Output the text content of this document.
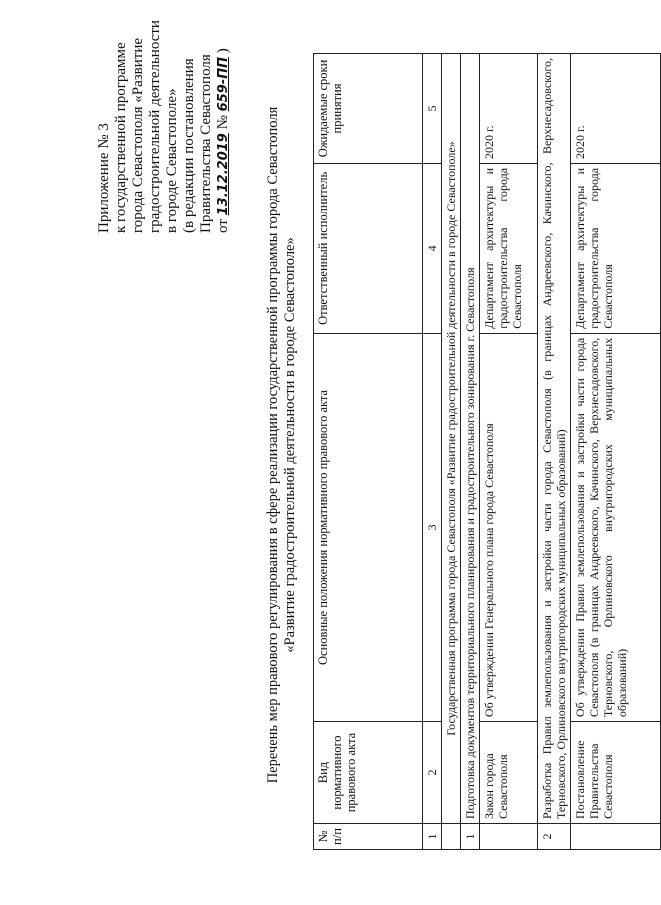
Приложение № 3 к государственной программе города Севастополя «Развитие градостроительной деятельности в городе Севастополе» (в редакции постановления Правительства Севастополя от 13.12.2019 № 659-ПП )
Перечень мер правового регулирования в сфере реализации государственной программы города Севастополя «Развитие градостроительной деятельности в городе Севастополе»
№ п/п	Вид нормативного правового акта	Основные положения нормативного правового акта	Ответственный исполнитель	Ожидаемые сроки принятия
1	2	3	4	5
	Государственная программа города Севастополя «Развитие градостроительной деятельности в городе Севастополе»			
1	Подготовка документов территориального планирования и градостроительного зонирования г. Севастополя			
	Закон города Севастополя	Об утверждении Генерального плана города Севастополя	Департамент архитектуры и градостроительства города Севастополя	2020 г.
2	Разработка Правил землепользования и застройки части города Севастополя (в границах Андреевского, Качинского, Верхнесадовского, Терновского, Орлиновского внутригородских муниципальных образований)			
	Постановление Правительства Севастополя	Об утверждении Правил землепользования и застройки части города Севастополя (в границах Андреевского, Качинского, Верхнесадовского, Терновского, Орлиновского внутригородских муниципальных образований)	Департамент архитектуры и градостроительства города Севастополя	2020 г.
